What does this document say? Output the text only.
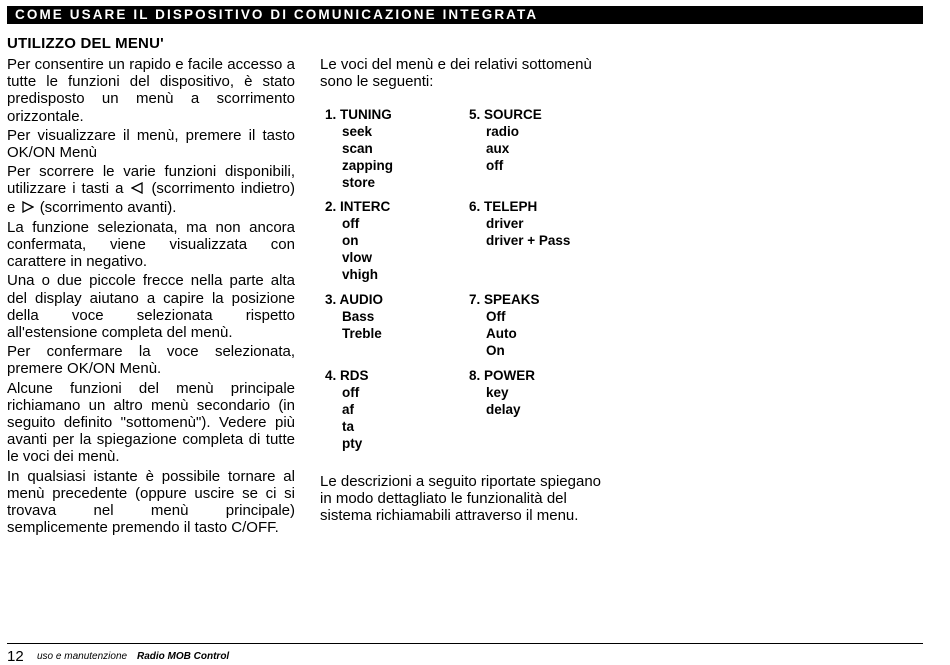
COME USARE IL DISPOSITIVO DI COMUNICAZIONE INTEGRATA
UTILIZZO DEL MENU'

Per consentire un rapido e facile accesso a tutte le funzioni del dispositivo, è stato predisposto un menù a scorrimento orizzontale.

Per visualizzare il menù, premere il tasto OK/ON Menù

Per scorrere le varie funzioni disponibili, utilizzare i tasti a (scorrimento indietro) e (scorrimento avanti).

La funzione selezionata, ma non ancora confermata, viene visualizzata con carattere in negativo.

Una o due piccole frecce nella parte alta del display aiutano a capire la posizione della voce selezionata rispetto all'estensione completa del menù.

Per confermare la voce selezionata, premere OK/ON Menù.

Alcune funzioni del menù principale richiamano un altro menù secondario (in seguito definito "sottomenù"). Vedere più avanti per la spiegazione completa di tutte le voci dei menù.

In qualsiasi istante è possibile tornare al menù precedente (oppure uscire se ci si trovava nel menù principale) semplicemente premendo il tasto C/OFF.

Le voci del menù e dei relativi sottomenù sono le seguenti:

1. TUNING
seek
scan
zapping
store
2. INTERC
off
on
vlow
vhigh
3. AUDIO
Bass
Treble
4. RDS
off
af
ta
pty
5. SOURCE
radio
aux
off
6. TELEPH
driver
driver + Pass
7. SPEAKS
Off
Auto
On
8. POWER
key
delay

Le descrizioni a seguito riportate spiegano in modo dettagliato le funzionalità del sistema richiamabili attraverso il menu.

12 uso e manutenzione Radio MOB Control
